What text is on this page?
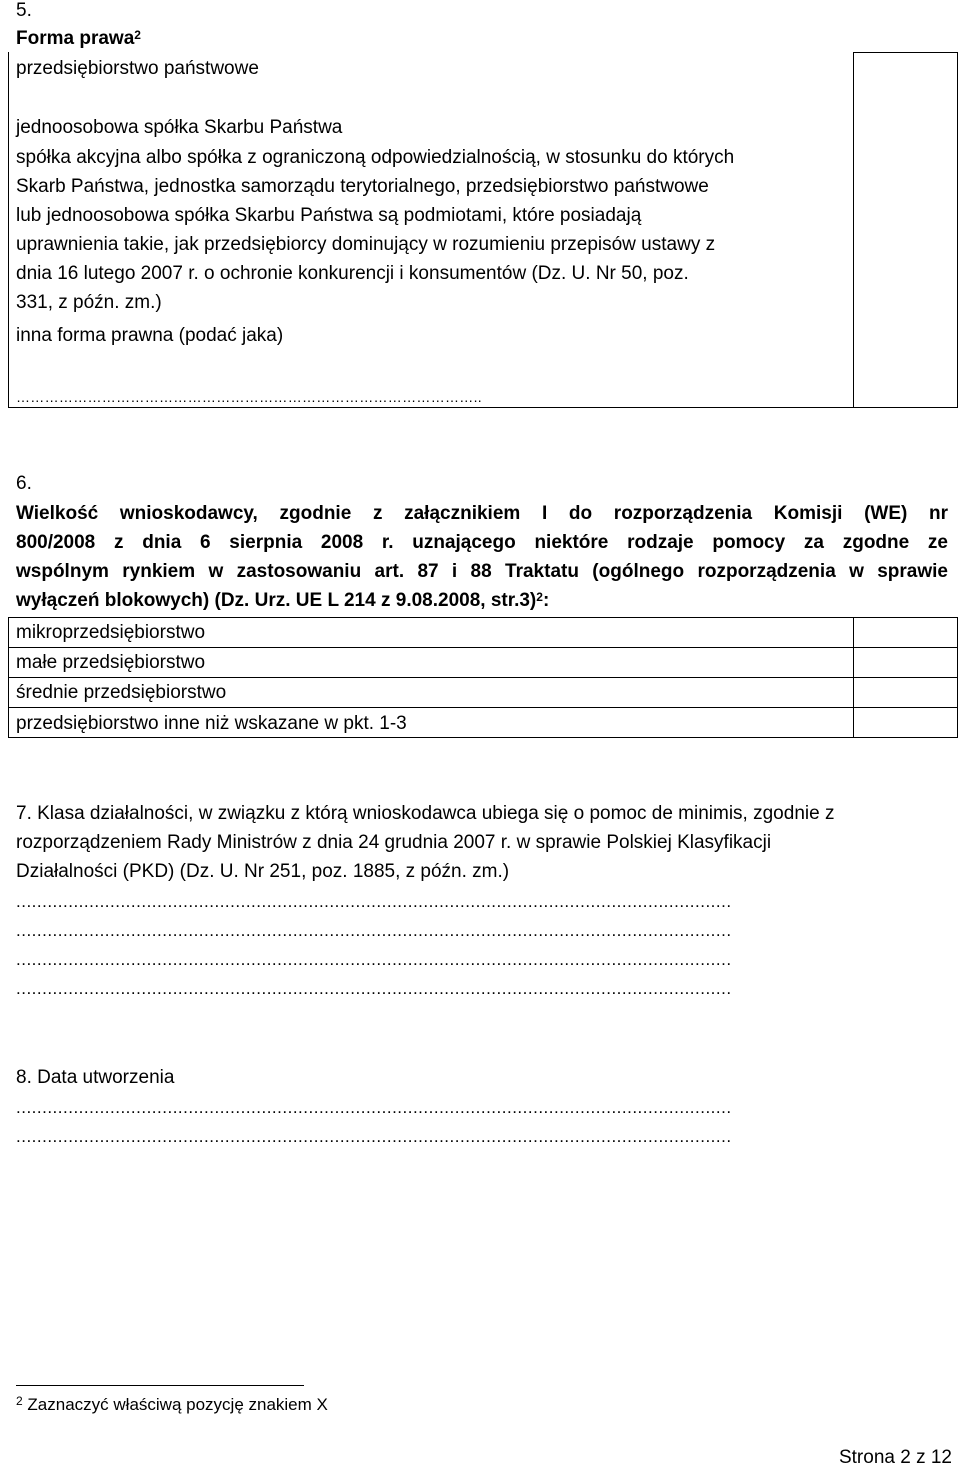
5.
Forma prawa$^2$
przedsiębiorstwo państwowe
jednoosobowa spółka Skarbu Państwa
spółka akcyjna albo spółka z ograniczoną odpowiedzialnością, w stosunku do których
Skarb Państwa, jednostka samorządu terytorialnego, przedsiębiorstwo państwowe
lub jednoosobowa spółka Skarbu Państwa są podmiotami, które posiadają
uprawnienia takie, jak przedsiębiorcy dominujący w rozumieniu przepisów ustawy z
dnia 16 lutego 2007 r. o ochronie konkurencji i konsumentów (Dz. U. Nr 50, poz.
331, z późn. zm.)
inna forma prawna (podać jaka)
……………………………………………………………………………………..
6.
Wielkość wnioskodawcy, zgodnie z załącznikiem I do rozporządzenia Komisji (WE) nr
800/2008 z dnia 6 sierpnia 2008 r. uznającego niektóre rodzaje pomocy za zgodne ze
wspólnym rynkiem w zastosowaniu art. 87 i 88 Traktatu (ogólnego rozporządzenia w sprawie
wyłączeń blokowych) (Dz. Urz. UE L 214 z 9.08.2008, str.3)$^2$:
mikroprzedsiębiorstwo
małe przedsiębiorstwo
średnie przedsiębiorstwo
przedsiębiorstwo inne niż wskazane w pkt. 1-3
7. Klasa działalności, w związku z którą wnioskodawca ubiega się o pomoc de minimis, zgodnie z
rozporządzeniem Rady Ministrów z dnia 24 grudnia 2007 r. w sprawie Polskiej Klasyfikacji
Działalności (PKD) (Dz. U. Nr 251, poz. 1885, z późn. zm.)
.........................................................................................................................................
.........................................................................................................................................
.........................................................................................................................................
.........................................................................................................................................
8. Data utworzenia
.........................................................................................................................................
.........................................................................................................................................
$^2$ Zaznaczyć właściwą pozycję znakiem X
Strona 2 z 12
